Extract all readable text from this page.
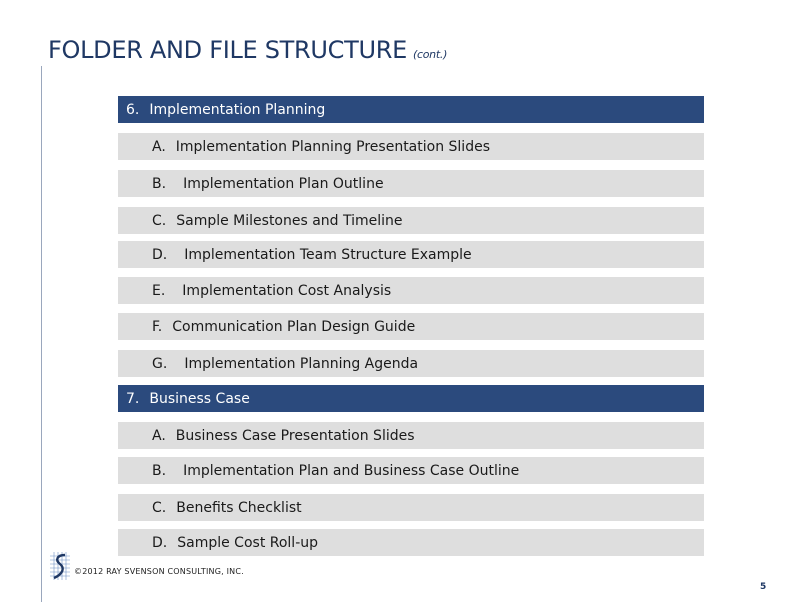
FOLDER AND FILE STRUCTURE (cont.)
6. Implementation Planning
A. Implementation Planning Presentation Slides
B. Implementation Plan Outline
C. Sample Milestones and Timeline
D. Implementation Team Structure Example
E. Implementation Cost Analysis
F. Communication Plan Design Guide
G. Implementation Planning Agenda
7. Business Case
A. Business Case Presentation Slides
B. Implementation Plan and Business Case Outline
C. Benefits Checklist
D. Sample Cost Roll-up
©2012 RAY SVENSON CONSULTING, INC.
5
